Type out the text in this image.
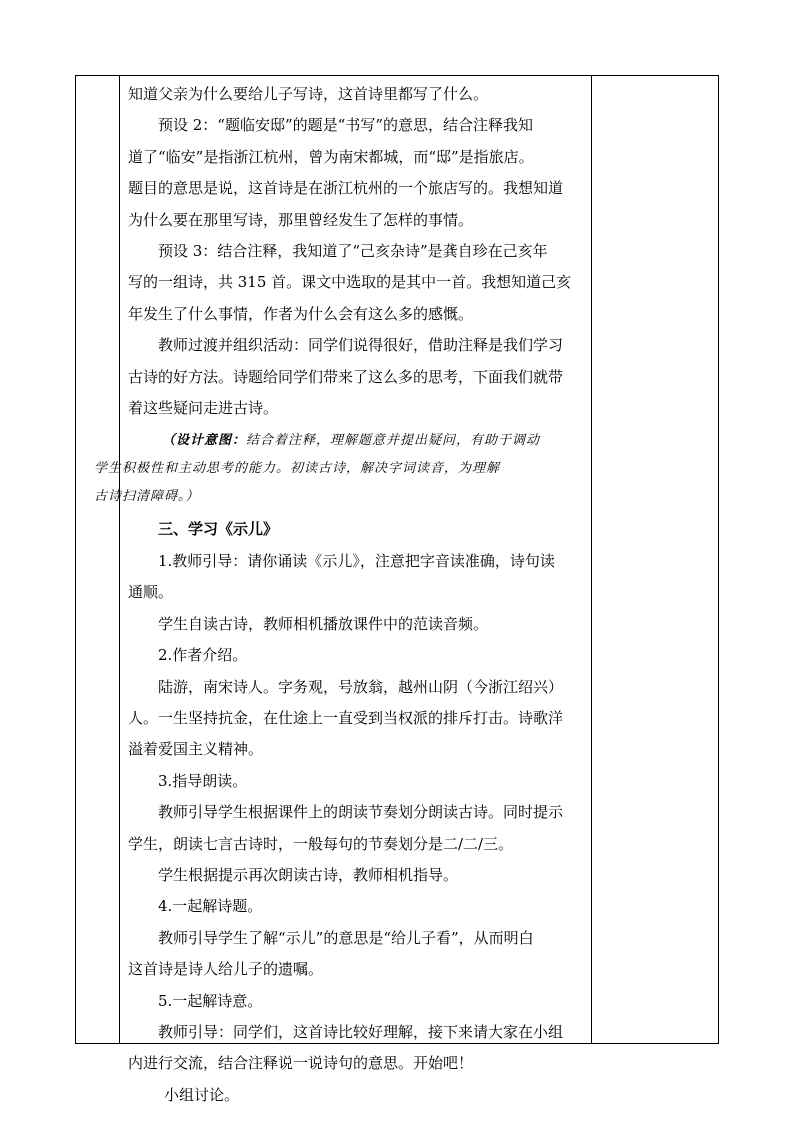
知道父亲为什么要给儿子写诗，这首诗里都写了什么。

预设 2：“题临安邸”的题是“书写”的意思，结合注释我知

道了“临安”是指浙江杭州，曾为南宋都城，而“邸”是指旅店。

题目的意思是说，这首诗是在浙江杭州的一个旅店写的。我想知道

为什么要在那里写诗，那里曾经发生了怎样的事情。

预设 3：结合注释，我知道了“己亥杂诗”是龚自珍在己亥年

写的一组诗，共 315 首。课文中选取的是其中一首。我想知道己亥

年发生了什么事情，作者为什么会有这么多的感慨。

教师过渡并组织活动：同学们说得很好，借助注释是我们学习

古诗的好方法。诗题给同学们带来了这么多的思考，下面我们就带

着这些疑问走进古诗。

（设计意图：结合着注释，理解题意并提出疑问，有助于调动
学生积极性和主动思考的能力。初读古诗，解决字词读音，为理解
古诗扫清障碍。）

三、学习《示儿》

1.教师引导：请你诵读《示儿》，注意把字音读准确，诗句读

通顺。

学生自读古诗，教师相机播放课件中的范读音频。

2.作者介绍。

陆游，南宋诗人。字务观，号放翁，越州山阴（今浙江绍兴）

人。一生坚持抗金，在仕途上一直受到当权派的排斥打击。诗歌洋

溢着爱国主义精神。

3.指导朗读。

教师引导学生根据课件上的朗读节奏划分朗读古诗。同时提示

学生，朗读七言古诗时，一般每句的节奏划分是二/二/三。

学生根据提示再次朗读古诗，教师相机指导。

4.一起解诗题。

教师引导学生了解“示儿”的意思是“给儿子看”，从而明白

这首诗是诗人给儿子的遗嘱。

5.一起解诗意。

教师引导：同学们，这首诗比较好理解，接下来请大家在小组

内进行交流，结合注释说一说诗句的意思。开始吧！

小组讨论。
